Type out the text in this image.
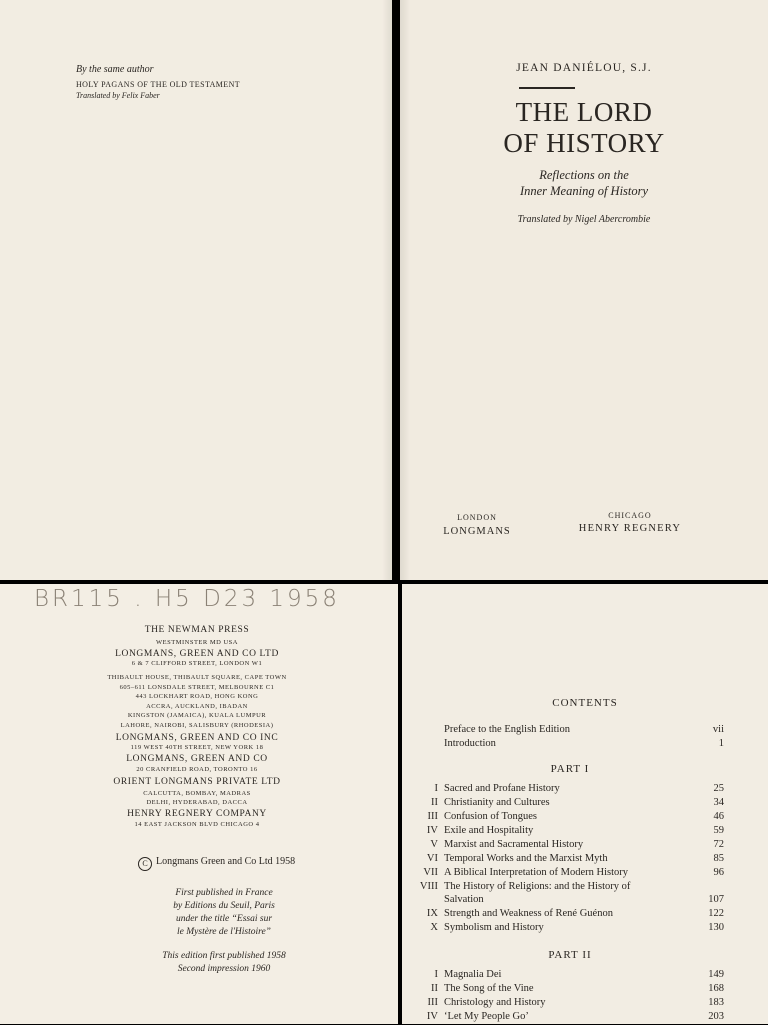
By the same author
HOLY PAGANS OF THE OLD TESTAMENT
Translated by Felix Faber
JEAN DANIÉLOU, S.J.
THE LORD
OF HISTORY
Reflections on the
Inner Meaning of History
Translated by Nigel Abercrombie
LONDON
LONGMANS
CHICAGO
HENRY REGNERY
BR115 . H5 D23 1958
THE NEWMAN PRESS
WESTMINSTER MD USA
LONGMANS, GREEN AND CO LTD
6 & 7 CLIFFORD STREET, LONDON W1
THIBAULT HOUSE, THIBAULT SQUARE, CAPE TOWN
605–611 LONSDALE STREET, MELBOURNE C1
443 LOCKHART ROAD, HONG KONG
ACCRA, AUCKLAND, IBADAN
KINGSTON (JAMAICA), KUALA LUMPUR
LAHORE, NAIROBI, SALISBURY (RHODESIA)
LONGMANS, GREEN AND CO INC
119 WEST 40TH STREET, NEW YORK 18
LONGMANS, GREEN AND CO
20 CRANFIELD ROAD, TORONTO 16
ORIENT LONGMANS PRIVATE LTD
CALCUTTA, BOMBAY, MADRAS
DELHI, HYDERABAD, DACCA
HENRY REGNERY COMPANY
14 EAST JACKSON BLVD CHICAGO 4
C Longmans Green and Co Ltd 1958
First published in France
by Editions du Seuil, Paris
under the title “Essai sur
le Mystère de l'Histoire”
This edition first published 1958
Second impression 1960
CONTENTS
Preface to the English Edition	vii
Introduction	1
PART I
I Sacred and Profane History	25
II Christianity and Cultures	34
III Confusion of Tongues	46
IV Exile and Hospitality	59
V Marxist and Sacramental History	72
VI Temporal Works and the Marxist Myth	85
VII A Biblical Interpretation of Modern History	96
VIII The History of Religions: and the History of
Salvation	107
IX Strength and Weakness of René Guénon	122
X Symbolism and History	130
PART II
I Magnalia Dei	149
II The Song of the Vine	168
III Christology and History	183
IV ‘Let My People Go’	203
